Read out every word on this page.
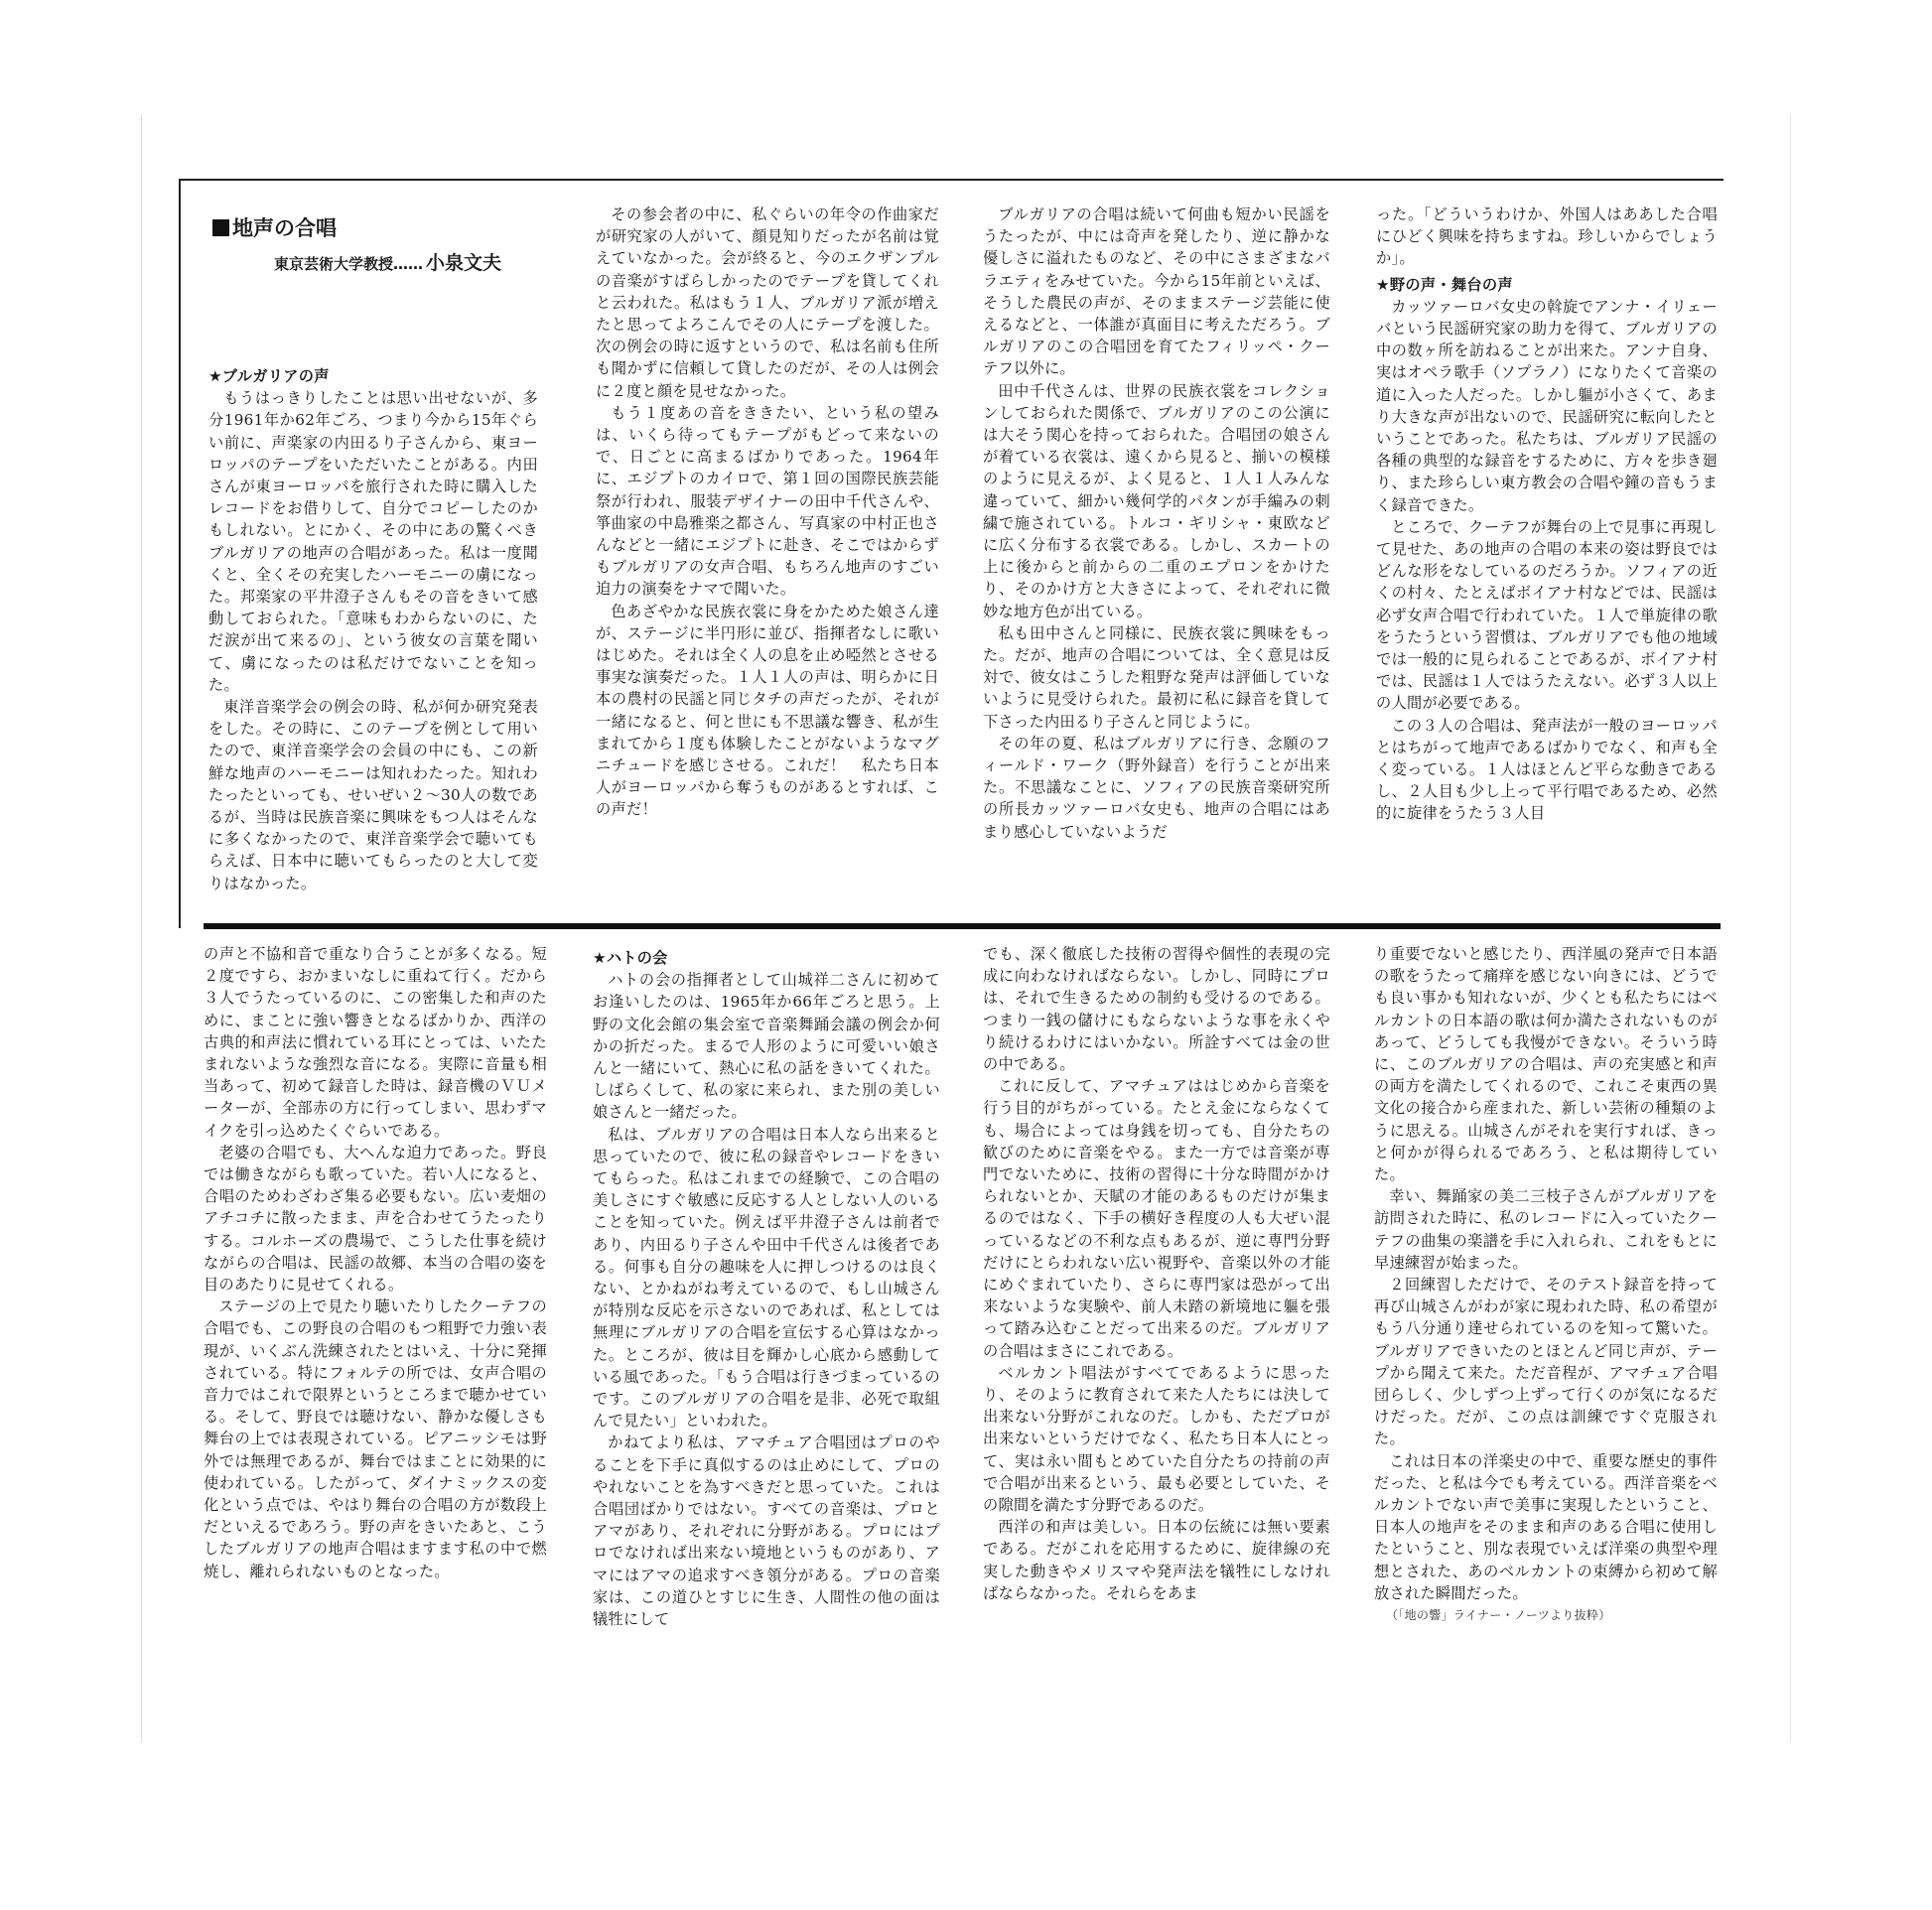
地声の合唱
東京芸術大学教授…… 小泉文夫
★ブルガリアの声

もうはっきりしたことは思い出せないが、多分1961年か62年ごろ、つまり今から15年ぐらい前に、声楽家の内田るり子さんから、東ヨーロッパのテープをいただいたことがある。内田さんが東ヨーロッパを旅行された時に購入したレコードをお借りして、自分でコピーしたのかもしれない。とにかく、その中にあの驚くべきブルガリアの地声の合唱があった。私は一度聞くと、全くその充実したハーモニーの虜になった。邦楽家の平井澄子さんもその音をきいて感動しておられた。「意味もわからないのに、ただ涙が出て来るの」、という彼女の言葉を聞いて、虜になったのは私だけでないことを知った。

東洋音楽学会の例会の時、私が何か研究発表をした。その時に、このテープを例として用いたので、東洋音楽学会の会員の中にも、この新鮮な地声のハーモニーは知れわたった。知れわたったといっても、せいぜい２～30人の数であるが、当時は民族音楽に興味をもつ人はそんなに多くなかったので、東洋音楽学会で聴いてもらえば、日本中に聴いてもらったのと大して変りはなかった。

その参会者の中に、私ぐらいの年令の作曲家だが研究家の人がいて、顔見知りだったが名前は覚えていなかった。会が終ると、今のエクザンプルの音楽がすばらしかったのでテープを貸してくれと云われた。私はもう１人、ブルガリア派が増えたと思ってよろこんでその人にテープを渡した。次の例会の時に返すというので、私は名前も住所も聞かずに信頼して貸したのだが、その人は例会に２度と顔を見せなかった。

もう１度あの音をききたい、という私の望みは、いくら待ってもテープがもどって来ないので、日ごとに高まるばかりであった。1964年に、エジプトのカイロで、第１回の国際民族芸能祭が行われ、服装デザイナーの田中千代さんや、箏曲家の中島雅楽之都さん、写真家の中村正也さんなどと一緒にエジプトに赴き、そこではからずもブルガリアの女声合唱、もちろん地声のすごい迫力の演奏をナマで聞いた。

色あざやかな民族衣裳に身をかためた娘さん達が、ステージに半円形に並び、指揮者なしに歌いはじめた。それは全く人の息を止め啞然とさせる事実な演奏だった。１人１人の声は、明らかに日本の農村の民謡と同じタチの声だったが、それが一緒になると、何と世にも不思議な響き、私が生まれてから１度も体験したことがないようなマグニチュードを感じさせる。これだ！　私たち日本人がヨーロッパから奪うものがあるとすれば、この声だ！

ブルガリアの合唱は続いて何曲も短かい民謡をうたったが、中には奇声を発したり、逆に静かな優しさに溢れたものなど、その中にさまざまなバラエティをみせていた。今から15年前といえば、そうした農民の声が、そのままステージ芸能に使えるなどと、一体誰が真面目に考えただろう。ブルガリアのこの合唱団を育てたフィリッペ・クーテフ以外に。

田中千代さんは、世界の民族衣裳をコレクションしておられた関係で、ブルガリアのこの公演には大そう関心を持っておられた。合唱団の娘さんが着ている衣裳は、遠くから見ると、揃いの模様のように見えるが、よく見ると、１人１人みんな違っていて、細かい幾何学的パタンが手編みの刺繍で施されている。トルコ・ギリシャ・東欧などに広く分布する衣裳である。しかし、スカートの上に後からと前からの二重のエプロンをかけたり、そのかけ方と大きさによって、それぞれに微妙な地方色が出ている。

私も田中さんと同様に、民族衣裳に興味をもった。だが、地声の合唱については、全く意見は反対で、彼女はこうした粗野な発声は評価していないように見受けられた。最初に私に録音を貸して下さった内田るり子さんと同じように。

その年の夏、私はブルガリアに行き、念願のフィールド・ワーク（野外録音）を行うことが出来た。不思議なことに、ソフィアの民族音楽研究所の所長カッツァーロバ女史も、地声の合唱にはあまり感心していないようだ

った。「どういうわけか、外国人はああした合唱にひどく興味を持ちますね。珍しいからでしょうか」。

★野の声・舞台の声

カッツァーロバ女史の斡旋でアンナ・イリェーバという民謡研究家の助力を得て、ブルガリアの中の数ヶ所を訪ねることが出来た。アンナ自身、実はオペラ歌手（ソプラノ）になりたくて音楽の道に入った人だった。しかし軀が小さくて、あまり大きな声が出ないので、民謡研究に転向したということであった。私たちは、ブルガリア民謡の各種の典型的な録音をするために、方々を歩き廻り、また珍らしい東方教会の合唱や鐘の音もうまく録音できた。

ところで、クーテフが舞台の上で見事に再現して見せた、あの地声の合唱の本来の姿は野良ではどんな形をなしているのだろうか。ソフィアの近くの村々、たとえばボイアナ村などでは、民謡は必ず女声合唱で行われていた。１人で単旋律の歌をうたうという習慣は、ブルガリアでも他の地域では一般的に見られることであるが、ボイアナ村では、民謡は１人ではうたえない。必ず３人以上の人間が必要である。

この３人の合唱は、発声法が一般のヨーロッパとはちがって地声であるばかりでなく、和声も全く変っている。１人はほとんど平らな動きであるし、２人目も少し上って平行唱であるため、必然的に旋律をうたう３人目

の声と不協和音で重なり合うことが多くなる。短２度ですら、おかまいなしに重ねて行く。だから３人でうたっているのに、この密集した和声のために、まことに強い響きとなるばかりか、西洋の古典的和声法に慣れている耳にとっては、いたたまれないような強烈な音になる。実際に音量も相当あって、初めて録音した時は、録音機のＶＵメーターが、全部赤の方に行ってしまい、思わずマイクを引っ込めたくぐらいである。

老婆の合唱でも、大へんな迫力であった。野良では働きながらも歌っていた。若い人になると、合唱のためわざわざ集る必要もない。広い麦畑のアチコチに散ったまま、声を合わせてうたったりする。コルホーズの農場で、こうした仕事を続けながらの合唱は、民謡の故郷、本当の合唱の姿を目のあたりに見せてくれる。

ステージの上で見たり聴いたりしたクーテフの合唱でも、この野良の合唱のもつ粗野で力強い表現が、いくぶん洗練されたとはいえ、十分に発揮されている。特にフォルテの所では、女声合唱の音力ではこれで限界というところまで聴かせている。そして、野良では聴けない、静かな優しさも舞台の上では表現されている。ピアニッシモは野外では無理であるが、舞台ではまことに効果的に使われている。したがって、ダイナミックスの変化という点では、やはり舞台の合唱の方が数段上だといえるであろう。野の声をきいたあと、こうしたブルガリアの地声合唱はますます私の中で燃焼し、離れられないものとなった。

★ハトの会

ハトの会の指揮者として山城祥二さんに初めてお逢いしたのは、1965年か66年ごろと思う。上野の文化会館の集会室で音楽舞踊会議の例会か何かの折だった。まるで人形のように可愛いい娘さんと一緒にいて、熱心に私の話をきいてくれた。しばらくして、私の家に来られ、また別の美しい娘さんと一緒だった。

私は、ブルガリアの合唱は日本人なら出来ると思っていたので、彼に私の録音やレコードをきいてもらった。私はこれまでの経験で、この合唱の美しさにすぐ敏感に反応する人としない人のいることを知っていた。例えば平井澄子さんは前者であり、内田るり子さんや田中千代さんは後者である。何事も自分の趣味を人に押しつけるのは良くない、とかねがね考えているので、もし山城さんが特別な反応を示さないのであれば、私としては無理にブルガリアの合唱を宣伝する心算はなかった。ところが、彼は目を輝かし心底から感動している風であった。「もう合唱は行きづまっているのです。このブルガリアの合唱を是非、必死で取組んで見たい」といわれた。

かねてより私は、アマチュア合唱団はプロのやることを下手に真似するのは止めにして、プロのやれないことを為すべきだと思っていた。これは合唱団ばかりではない。すべての音楽は、プロとアマがあり、それぞれに分野がある。プロにはプロでなければ出来ない境地というものがあり、アマにはアマの追求すべき領分がある。プロの音楽家は、この道ひとすじに生き、人間性の他の面は犠牲にして

でも、深く徹底した技術の習得や個性的表現の完成に向わなければならない。しかし、同時にプロは、それで生きるための制約も受けるのである。つまり一銭の儲けにもならないような事を永くやり続けるわけにはいかない。所詮すべては金の世の中である。

これに反して、アマチュアははじめから音楽を行う目的がちがっている。たとえ金にならなくても、場合によっては身銭を切っても、自分たちの歓びのために音楽をやる。また一方では音楽が専門でないために、技術の習得に十分な時間がかけられないとか、天賦の才能のあるものだけが集まるのではなく、下手の横好き程度の人も大ぜい混っているなどの不利な点もあるが、逆に専門分野だけにとらわれない広い視野や、音楽以外の才能にめぐまれていたり、さらに専門家は恐がって出来ないような実験や、前人未踏の新境地に軀を張って踏み込むことだって出来るのだ。ブルガリアの合唱はまさにこれである。

ベルカント唱法がすべてであるように思ったり、そのように教育されて来た人たちには決して出来ない分野がこれなのだ。しかも、ただプロが出来ないというだけでなく、私たち日本人にとって、実は永い間もとめていた自分たちの持前の声で合唱が出来るという、最も必要としていた、その隙間を満たす分野であるのだ。

西洋の和声は美しい。日本の伝統には無い要素である。だがこれを応用するために、旋律線の充実した動きやメリスマや発声法を犠牲にしなければならなかった。それらをあま

り重要でないと感じたり、西洋風の発声で日本語の歌をうたって痛痒を感じない向きには、どうでも良い事かも知れないが、少くとも私たちにはベルカントの日本語の歌は何か満たされないものがあって、どうしても我慢ができない。そういう時に、このブルガリアの合唱は、声の充実感と和声の両方を満たしてくれるので、これこそ東西の異文化の接合から産まれた、新しい芸術の種類のように思える。山城さんがそれを実行すれば、きっと何かが得られるであろう、と私は期待していた。

幸い、舞踊家の美二三枝子さんがブルガリアを訪問された時に、私のレコードに入っていたクーテフの曲集の楽譜を手に入れられ、これをもとに早速練習が始まった。

２回練習しただけで、そのテスト録音を持って再び山城さんがわが家に現われた時、私の希望がもう八分通り達せられているのを知って驚いた。ブルガリアできいたのとほとんど同じ声が、テープから聞えて来た。ただ音程が、アマチュア合唱団らしく、少しずつ上ずって行くのが気になるだけだった。だが、この点は訓練ですぐ克服された。

これは日本の洋楽史の中で、重要な歴史的事件だった、と私は今でも考えている。西洋音楽をベルカントでない声で美事に実現したということ、日本人の地声をそのまま和声のある合唱に使用したということ、別な表現でいえば洋楽の典型や理想とされた、あのベルカントの束縛から初めて解放された瞬間だった。

（「地の響」ライナー・ノーツより抜粋）
